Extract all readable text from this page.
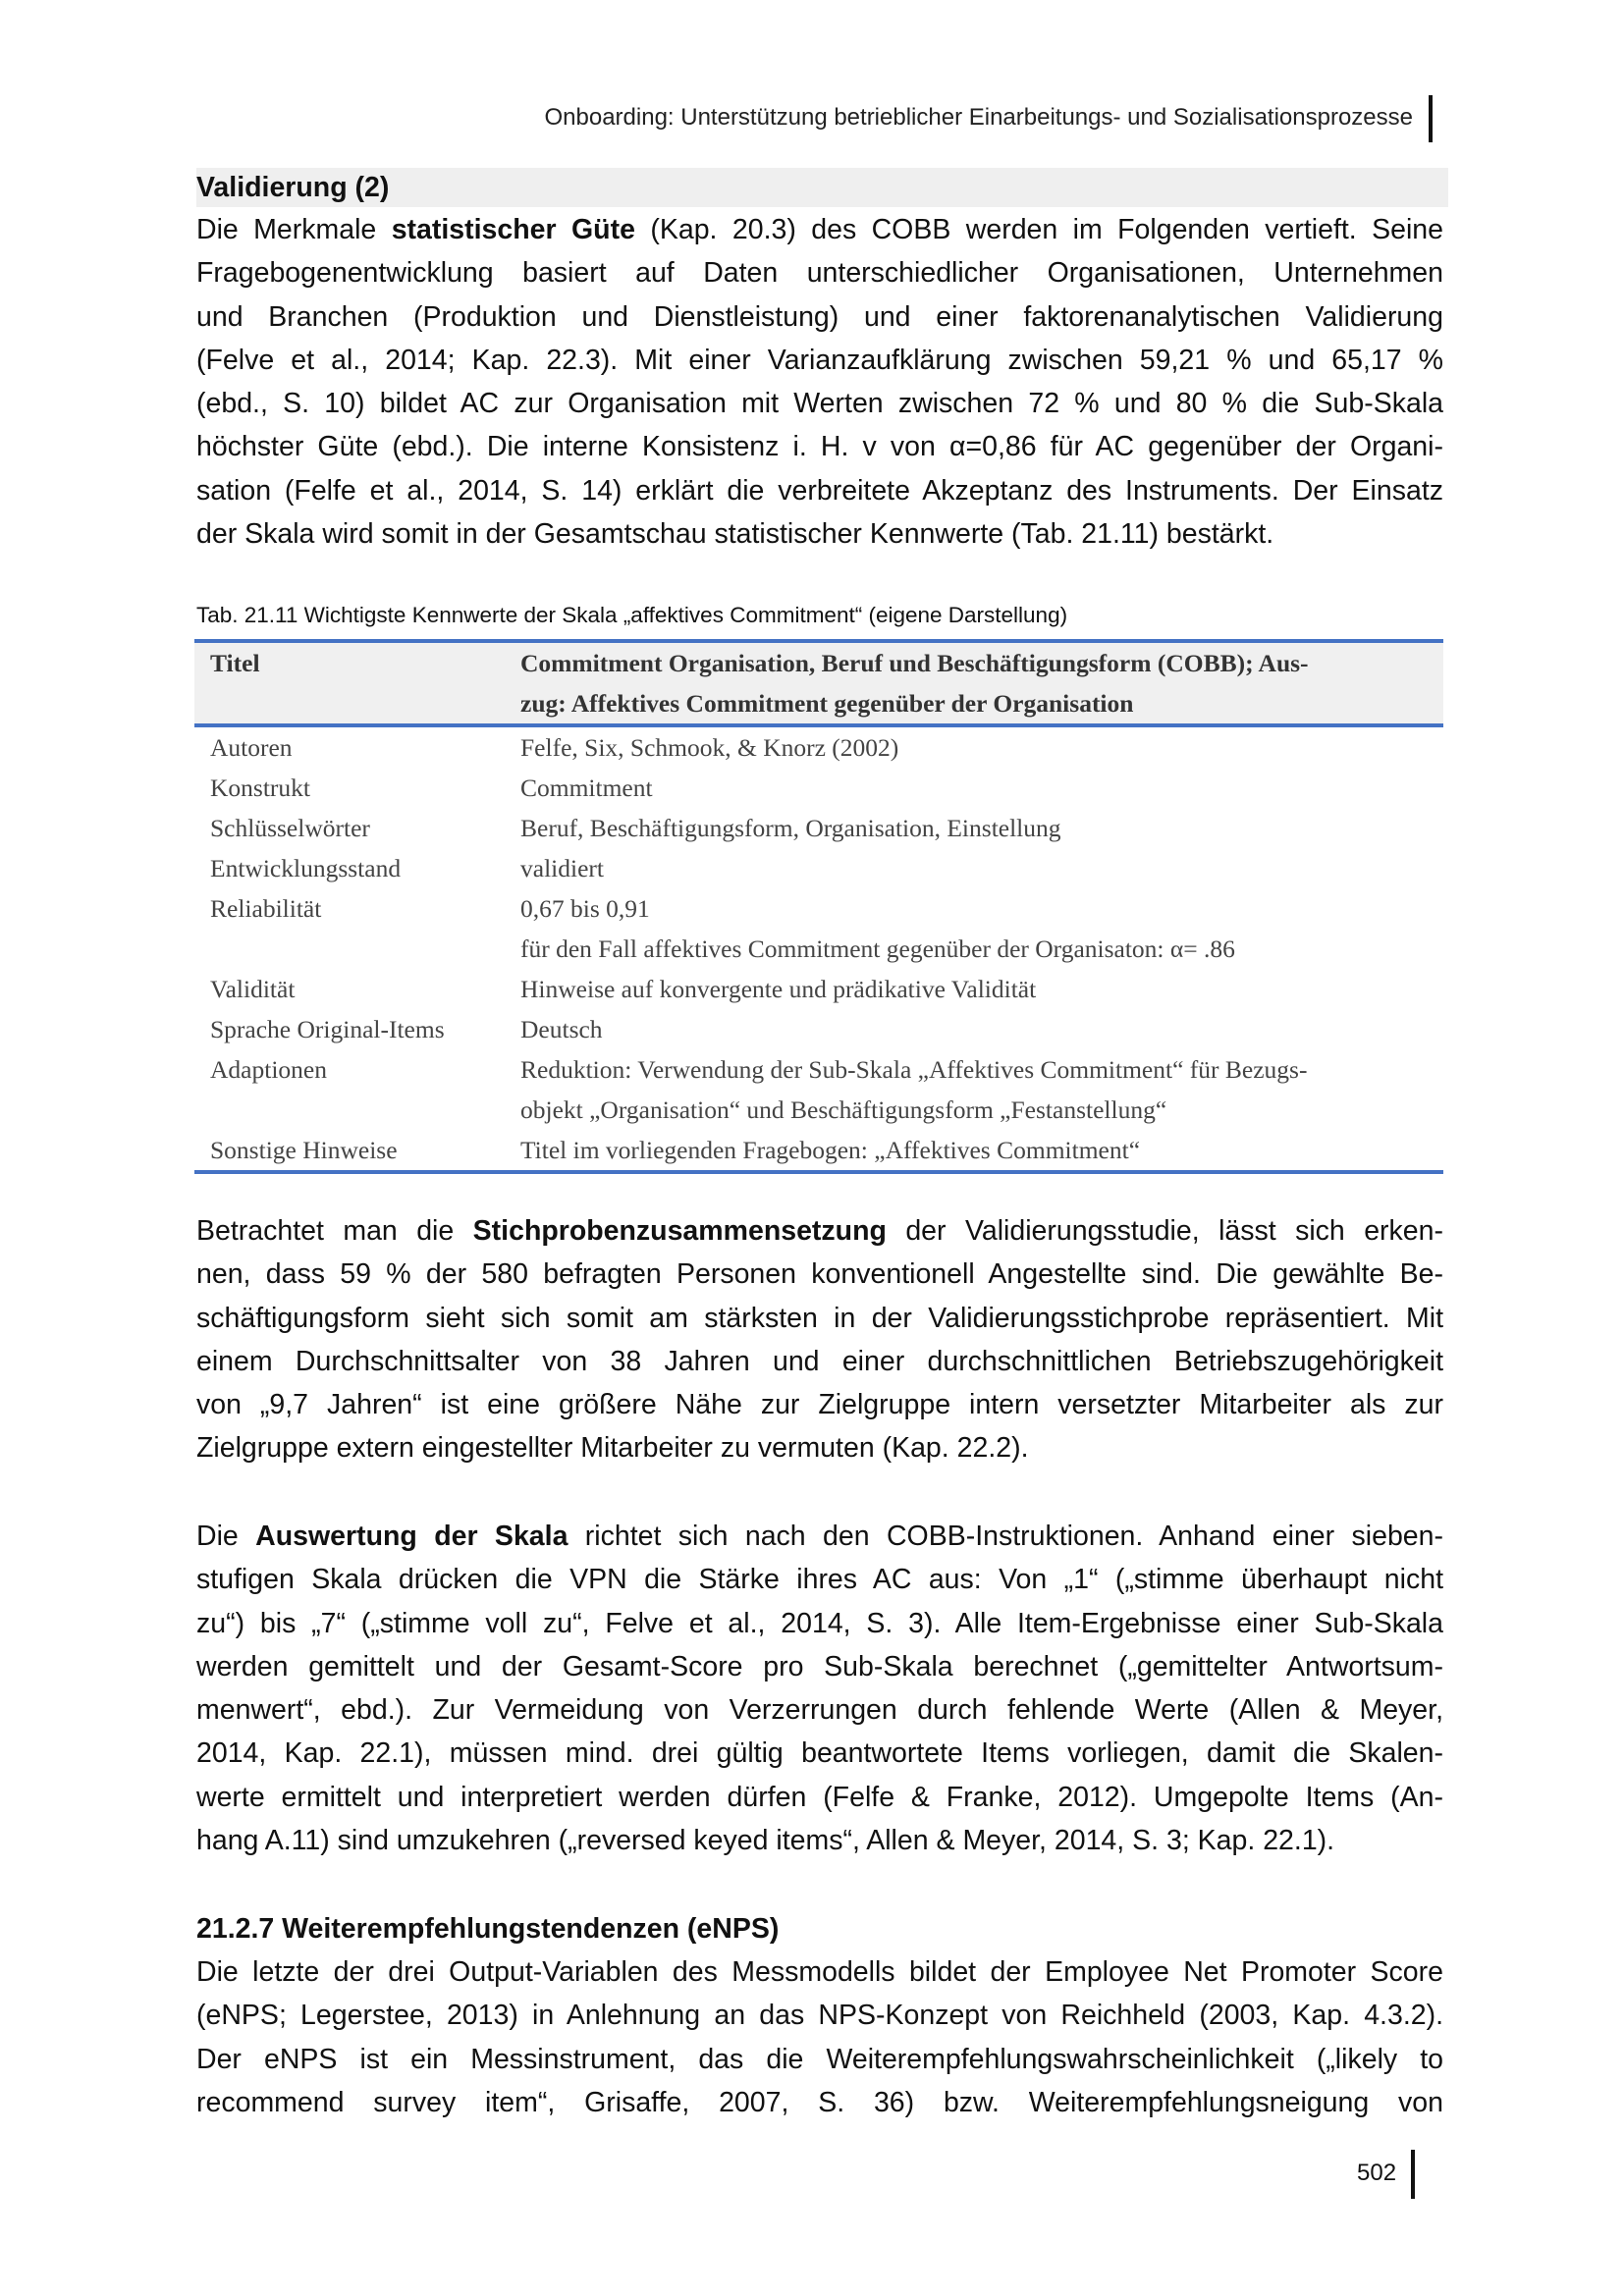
Onboarding: Unterstützung betrieblicher Einarbeitungs- und Sozialisationsprozesse
Validierung (2)
Die Merkmale statistischer Güte (Kap. 20.3) des COBB werden im Folgenden vertieft. Seine
Fragebogenentwicklung basiert auf Daten unterschiedlicher Organisationen, Unternehmen
und Branchen (Produktion und Dienstleistung) und einer faktorenanalytischen Validierung
(Felve et al., 2014; Kap. 22.3). Mit einer Varianzaufklärung zwischen 59,21 % und 65,17 %
(ebd., S. 10) bildet AC zur Organisation mit Werten zwischen 72 % und 80 % die Sub-Skala
höchster Güte (ebd.). Die interne Konsistenz i. H. v von α=0,86 für AC gegenüber der Organi-
sation (Felfe et al., 2014, S. 14) erklärt die verbreitete Akzeptanz des Instruments. Der Einsatz
der Skala wird somit in der Gesamtschau statistischer Kennwerte (Tab. 21.11) bestärkt.
Tab. 21.11 Wichtigste Kennwerte der Skala „affektives Commitment“ (eigene Darstellung)
Titel	Commitment Organisation, Beruf und Beschäftigungsform (COBB); Aus-
zug: Affektives Commitment gegenüber der Organisation

Autoren	Felfe, Six, Schmook, & Knorz (2002)
Konstrukt	Commitment
Schlüsselwörter	Beruf, Beschäftigungsform, Organisation, Einstellung
Entwicklungsstand	validiert
Reliabilität	0,67 bis 0,91
	für den Fall affektives Commitment gegenüber der Organisaton: α= .86
Validität	Hinweise auf konvergente und prädikative Validität
Sprache Original-Items	Deutsch
Adaptionen	Reduktion: Verwendung der Sub-Skala „Affektives Commitment“ für Bezugs-
	objekt „Organisation“ und Beschäftigungsform „Festanstellung“
Sonstige Hinweise	Titel im vorliegenden Fragebogen: „Affektives Commitment“
Betrachtet man die Stichprobenzusammensetzung der Validierungsstudie, lässt sich erken-
nen, dass 59 % der 580 befragten Personen konventionell Angestellte sind. Die gewählte Be-
schäftigungsform sieht sich somit am stärksten in der Validierungsstichprobe repräsentiert. Mit
einem Durchschnittsalter von 38 Jahren und einer durchschnittlichen Betriebszugehörigkeit
von „9,7 Jahren“ ist eine größere Nähe zur Zielgruppe intern versetzter Mitarbeiter als zur
Zielgruppe extern eingestellter Mitarbeiter zu vermuten (Kap. 22.2).
Die Auswertung der Skala richtet sich nach den COBB-Instruktionen. Anhand einer sieben-
stufigen Skala drücken die VPN die Stärke ihres AC aus: Von „1“ („stimme überhaupt nicht
zu“) bis „7“ („stimme voll zu“, Felve et al., 2014, S. 3). Alle Item-Ergebnisse einer Sub-Skala
werden gemittelt und der Gesamt-Score pro Sub-Skala berechnet („gemittelter Antwortsum-
menwert“, ebd.). Zur Vermeidung von Verzerrungen durch fehlende Werte (Allen & Meyer,
2014, Kap. 22.1), müssen mind. drei gültig beantwortete Items vorliegen, damit die Skalen-
werte ermittelt und interpretiert werden dürfen (Felfe & Franke, 2012). Umgepolte Items (An-
hang A.11) sind umzukehren („reversed keyed items“, Allen & Meyer, 2014, S. 3; Kap. 22.1).
21.2.7 Weiterempfehlungstendenzen (eNPS)
Die letzte der drei Output-Variablen des Messmodells bildet der Employee Net Promoter Score
(eNPS; Legerstee, 2013) in Anlehnung an das NPS-Konzept von Reichheld (2003, Kap. 4.3.2).
Der eNPS ist ein Messinstrument, das die Weiterempfehlungswahrscheinlichkeit („likely to
recommend survey item“, Grisaffe, 2007, S. 36) bzw. Weiterempfehlungsneigung von
502
